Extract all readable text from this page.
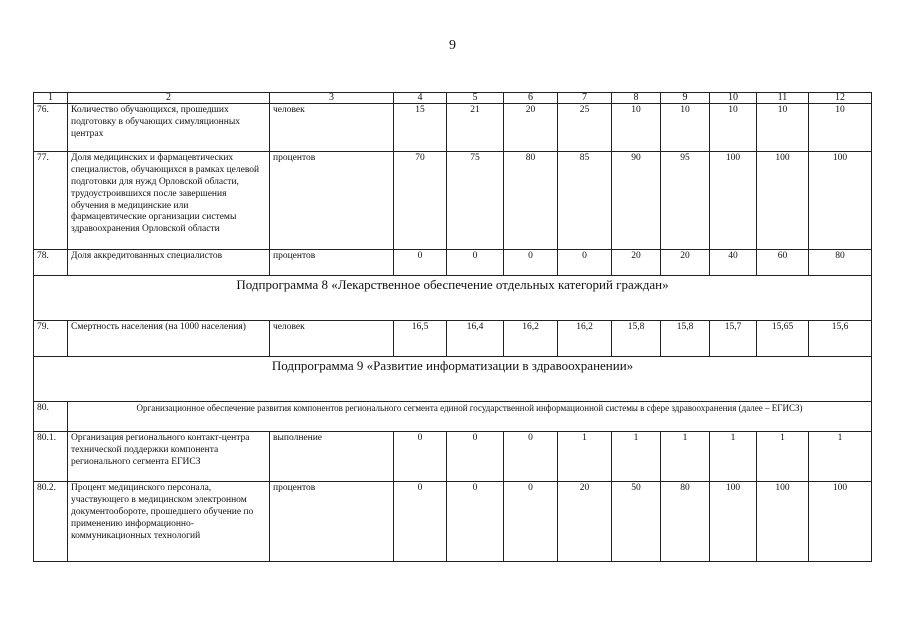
9
1	2	3	4	5	6	7	8	9	10	11	12
76.	Количество обучающихся, прошедших подготовку в обучающих симуляционных центрах	человек	15	21	20	25	10	10	10	10	10
77.	Доля медицинских и фармацевтических специалистов, обучающихся в рамках целевой подготовки для нужд Орловской области, трудоустроившихся после завершения обучения в медицинские или фармацевтические организации системы здравоохранения Орловской области	процентов	70	75	80	85	90	95	100	100	100
78.	Доля аккредитованных специалистов	процентов	0	0	0	0	20	20	40	60	80
Подпрограмма 8 «Лекарственное обеспечение отдельных категорий граждан»											
79.	Смертность населения (на 1000 населения)	человек	16,5	16,4	16,2	16,2	15,8	15,8	15,7	15,65	15,6
Подпрограмма 9 «Развитие информатизации в здравоохранении»											
80.	Организационное обеспечение развития компонентов регионального сегмента единой государственной информационной системы в сфере здравоохранения (далее – ЕГИСЗ)										
80.1.	Организация регионального контакт-центра технической поддержки компонента регионального сегмента ЕГИСЗ	выполнение	0	0	0	1	1	1	1	1	1
80.2.	Процент медицинского персонала, участвующего в медицинском электронном документообороте, прошедшего обучение по применению информационно-коммуникационных технологий	процентов	0	0	0	20	50	80	100	100	100
